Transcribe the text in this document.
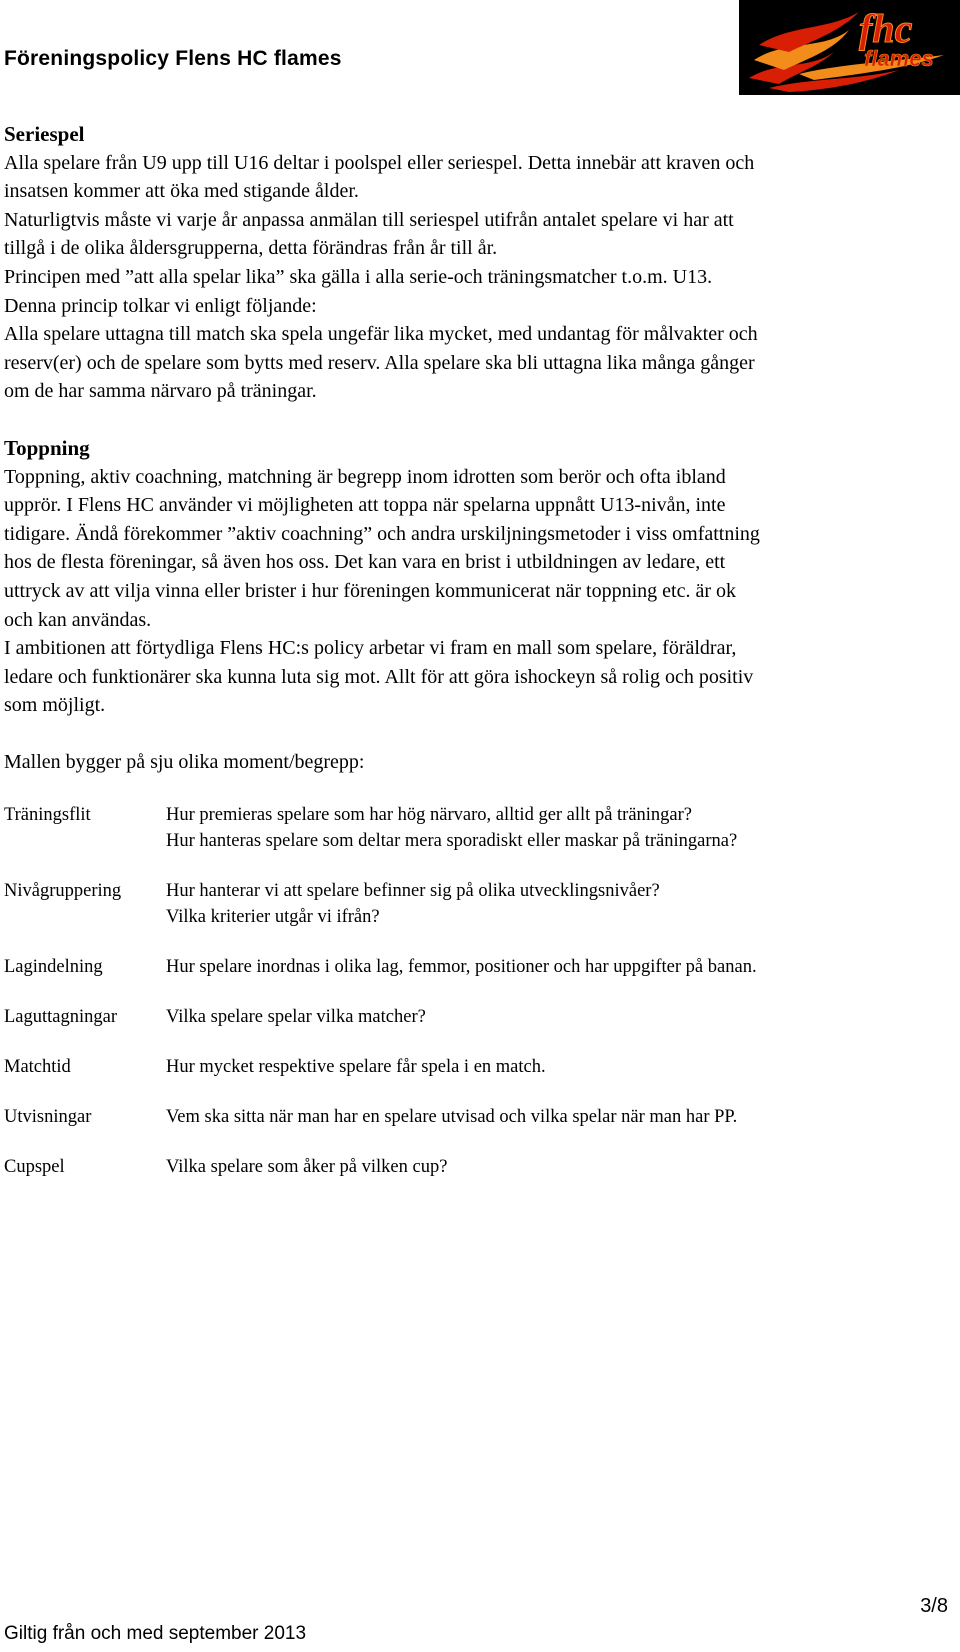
Föreningspolicy Flens HC flames
fhc
flames

Seriespel

Alla spelare från U9 upp till U16 deltar i poolspel eller seriespel. Detta innebär att kraven och

insatsen kommer att öka med stigande ålder.

Naturligtvis måste vi varje år anpassa anmälan till seriespel utifrån antalet spelare vi har att

tillgå i de olika åldersgrupperna, detta förändras från år till år.

Principen med ”att alla spelar lika” ska gälla i alla serie-och träningsmatcher t.o.m. U13.

Denna princip tolkar vi enligt följande:

Alla spelare uttagna till match ska spela ungefär lika mycket, med undantag för målvakter och

reserv(er) och de spelare som bytts med reserv. Alla spelare ska bli uttagna lika många gånger

om de har samma närvaro på träningar.

Toppning

Toppning, aktiv coachning, matchning är begrepp inom idrotten som berör och ofta ibland

upprör. I Flens HC använder vi möjligheten att toppa när spelarna uppnått U13-nivån, inte

tidigare. Ändå förekommer ”aktiv coachning” och andra urskiljningsmetoder i viss omfattning

hos de flesta föreningar, så även hos oss. Det kan vara en brist i utbildningen av ledare, ett

uttryck av att vilja vinna eller brister i hur föreningen kommunicerat när toppning etc. är ok

och kan användas.

I ambitionen att förtydliga Flens HC:s policy arbetar vi fram en mall som spelare, föräldrar,

ledare och funktionärer ska kunna luta sig mot. Allt för att göra ishockeyn så rolig och positiv

som möjligt.

Mallen bygger på sju olika moment/begrepp:

Träningsflit	Hur premieras spelare som har hög närvaro, alltid ger allt på träningar?
Hur hanteras spelare som deltar mera sporadiskt eller maskar på träningarna?
Nivågruppering	Hur hanterar vi att spelare befinner sig på olika utvecklingsnivåer?
Vilka kriterier utgår vi ifrån?
Lagindelning	Hur spelare inordnas i olika lag, femmor, positioner och har uppgifter på banan.
Laguttagningar	Vilka spelare spelar vilka matcher?
Matchtid	Hur mycket respektive spelare får spela i en match.
Utvisningar	Vem ska sitta när man har en spelare utvisad och vilka spelar när man har PP.
Cupspel	Vilka spelare som åker på vilken cup?
3/8
Giltig från och med september 2013
